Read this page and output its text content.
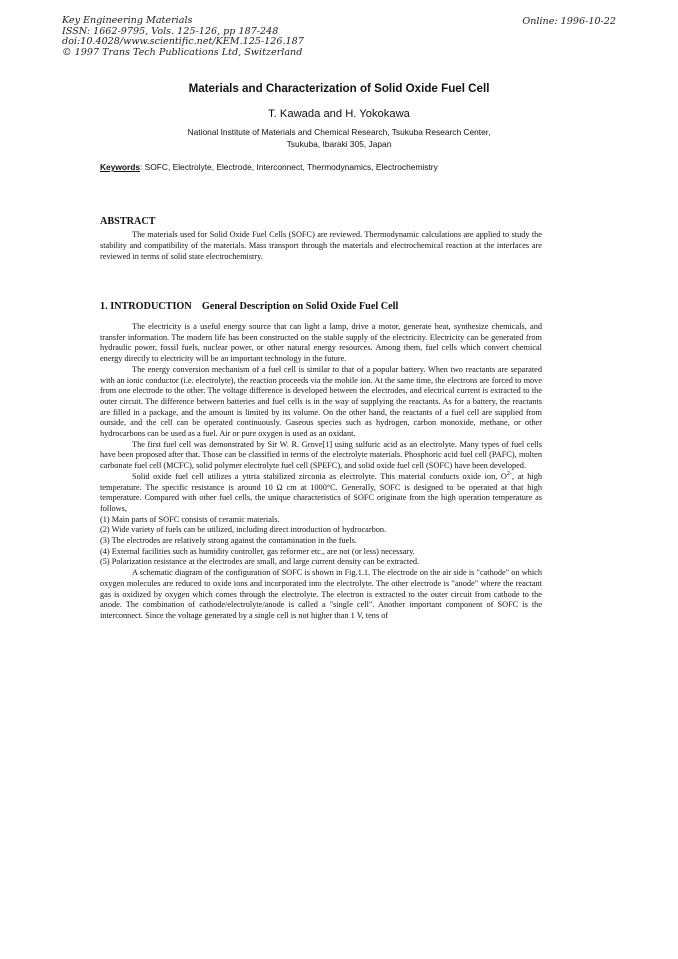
Key Engineering Materials
ISSN: 1662-9795, Vols. 125-126, pp 187-248
doi:10.4028/www.scientific.net/KEM.125-126.187
© 1997 Trans Tech Publications Ltd, Switzerland
Online: 1996-10-22
Materials and Characterization of Solid Oxide Fuel Cell
T. Kawada and H. Yokokawa
National Institute of Materials and Chemical Research, Tsukuba Research Center,
Tsukuba, Ibaraki 305, Japan
Keywords: SOFC, Electrolyte, Electrode, Interconnect, Thermodynamics, Electrochemistry
ABSTRACT
The materials used for Solid Oxide Fuel Cells (SOFC) are reviewed. Thermodynamic calculations are applied to study the stability and compatibility of the materials. Mass transport through the materials and electrochemical reaction at the interfaces are reviewed in terms of solid state electrochemistry.
1. INTRODUCTION    General Description on Solid Oxide Fuel Cell

The electricity is a useful energy source that can light a lamp, drive a motor, generate heat, synthesize chemicals, and transfer information. The modern life has been constructed on the stable supply of the electricity. Electricity can be generated from hydraulic power, fossil fuels, nuclear power, or other natural energy resources. Among them, fuel cells which convert chemical energy directly to electricity will be an important technology in the future.

The energy conversion mechanism of a fuel cell is similar to that of a popular battery. When two reactants are separated with an ionic conductor (i.e. electrolyte), the reaction proceeds via the mobile ion. At the same time, the electrons are forced to move from one electrode to the other. The voltage difference is developed between the electrodes, and electrical current is extracted to the outer circuit. The difference between batteries and fuel cells is in the way of supplying the reactants. As for a battery, the reactants are filled in a package, and the amount is limited by its volume. On the other hand, the reactants of a fuel cell are supplied from outside, and the cell can be operated continuously. Gaseous species such as hydrogen, carbon monoxide, methane, or other hydrocarbons can be used as a fuel. Air or pure oxygen is used as an oxidant.

The first fuel cell was demonstrated by Sir W. R. Grove[1] using sulfuric acid as an electrolyte. Many types of fuel cells have been proposed after that. Those can be classified in terms of the electrolyte materials. Phosphoric acid fuel cell (PAFC), molten carbonate fuel cell (MCFC), solid polymer electrolyte fuel cell (SPEFC), and solid oxide fuel cell (SOFC) have been developed.

Solid oxide fuel cell utilizes a yttria stabilized zirconia as electrolyte. This material conducts oxide ion, $O^{2-}$, at high temperature. The specific resistance is around 10 Ω cm at 1000°C. Generally, SOFC is designed to be operated at that high temperature. Compared with other fuel cells, the unique characteristics of SOFC originate from the high operation temperature as follows,

(1) Main parts of SOFC consists of ceramic materials.

(2) Wide variety of fuels can be utilized, including direct introduction of hydrocarbon.

(3) The electrodes are relatively strong against the contamination in the fuels.

(4) External facilities such as humidity controller, gas reformer etc., are not (or less) necessary.

(5) Polarization resistance at the electrodes are small, and large current density can be extracted.

A schematic diagram of the configuration of SOFC is shown in Fig.1.1. The electrode on the air side is "cathode" on which oxygen molecules are reduced to oxide ions and incorporated into the electrolyte. The other electrode is "anode" where the reactant gas is oxidized by oxygen which comes through the electrolyte. The electron is extracted to the outer circuit from cathode to the anode. The combination of cathode/electrolyte/anode is called a "single cell". Another important component of SOFC is the interconnect. Since the voltage generated by a single cell is not higher than 1 V, tens of
